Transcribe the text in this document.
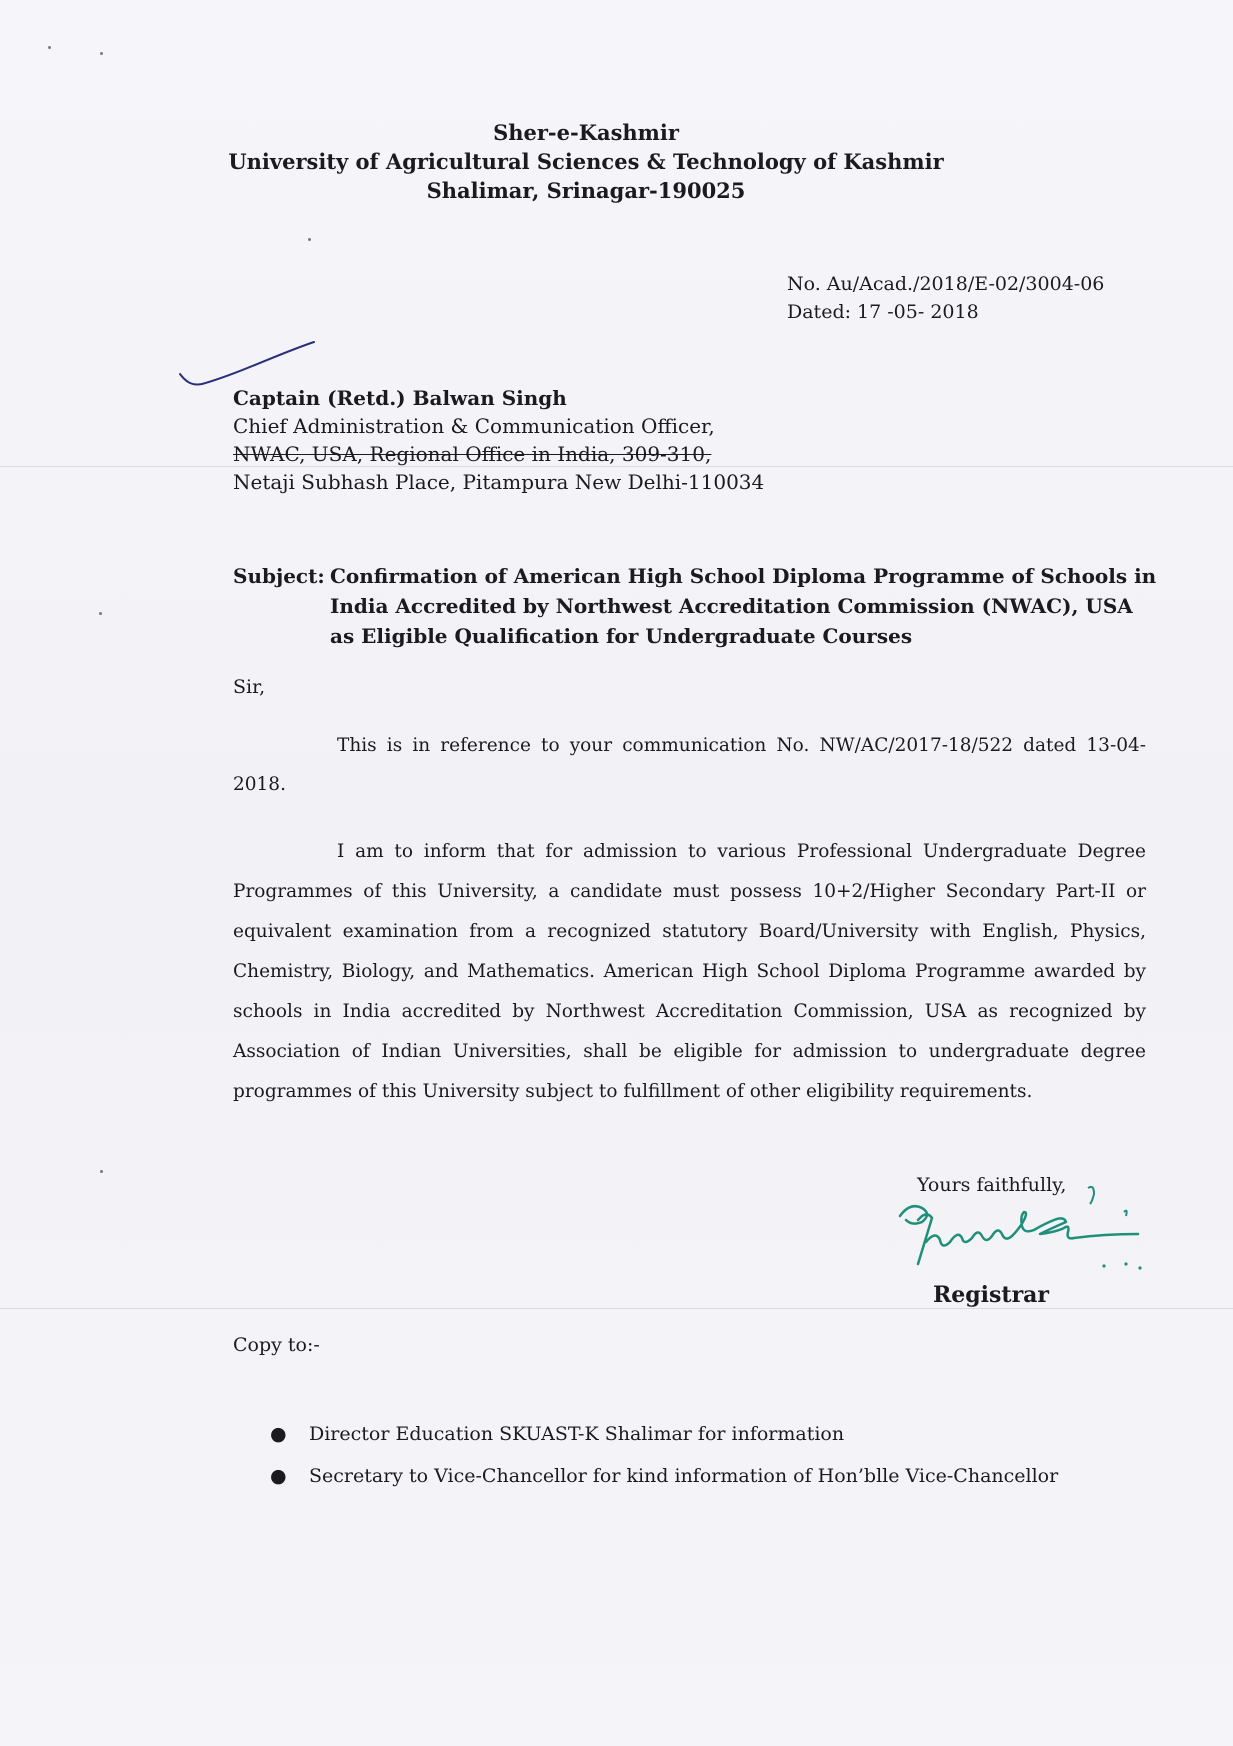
Sher-e-Kashmir
University of Agricultural Sciences & Technology of Kashmir
Shalimar, Srinagar-190025
No. Au/Acad./2018/E-02/3004-06
Dated: 17 -05- 2018
Captain (Retd.) Balwan Singh
Chief Administration & Communication Officer,
NWAC, USA, Regional Office in India, 309-310,
Netaji Subhash Place, Pitampura New Delhi-110034
Subject: Confirmation of American High School Diploma Programme of Schools in India Accredited by Northwest Accreditation Commission (NWAC), USA as Eligible Qualification for Undergraduate Courses
Sir,
This is in reference to your communication No. NW/AC/2017-18/522 dated 13-04-2018.
I am to inform that for admission to various Professional Undergraduate Degree Programmes of this University, a candidate must possess 10+2/Higher Secondary Part-II or equivalent examination from a recognized statutory Board/University with English, Physics, Chemistry, Biology, and Mathematics. American High School Diploma Programme awarded by schools in India accredited by Northwest Accreditation Commission, USA as recognized by Association of Indian Universities, shall be eligible for admission to undergraduate degree programmes of this University subject to fulfillment of other eligibility requirements.
Yours faithfully,
Registrar
Copy to:-
● Director Education SKUAST-K Shalimar for information
● Secretary to Vice-Chancellor for kind information of Hon’blle Vice-Chancellor
